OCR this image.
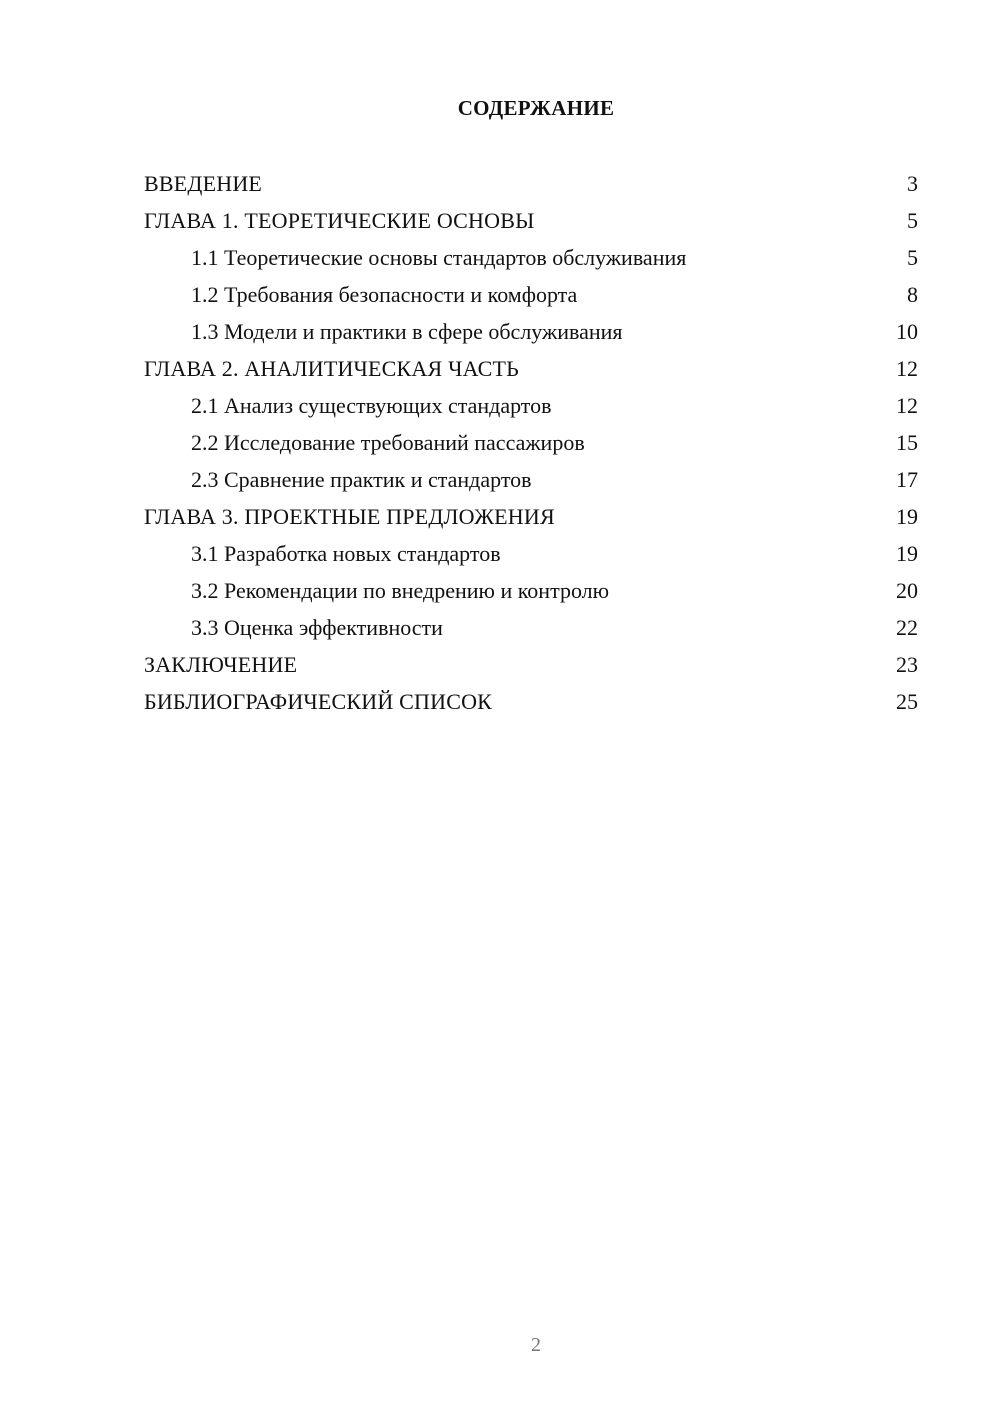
СОДЕРЖАНИЕ
ВВЕДЕНИЕ	3
ГЛАВА 1. ТЕОРЕТИЧЕСКИЕ ОСНОВЫ	5
1.1 Теоретические основы стандартов обслуживания	5
1.2 Требования безопасности и комфорта	8
1.3 Модели и практики в сфере обслуживания	10
ГЛАВА 2. АНАЛИТИЧЕСКАЯ ЧАСТЬ	12
2.1 Анализ существующих стандартов	12
2.2 Исследование требований пассажиров	15
2.3 Сравнение практик и стандартов	17
ГЛАВА 3. ПРОЕКТНЫЕ ПРЕДЛОЖЕНИЯ	19
3.1 Разработка новых стандартов	19
3.2 Рекомендации по внедрению и контролю	20
3.3 Оценка эффективности	22
ЗАКЛЮЧЕНИЕ	23
БИБЛИОГРАФИЧЕСКИЙ СПИСОК	25
2
